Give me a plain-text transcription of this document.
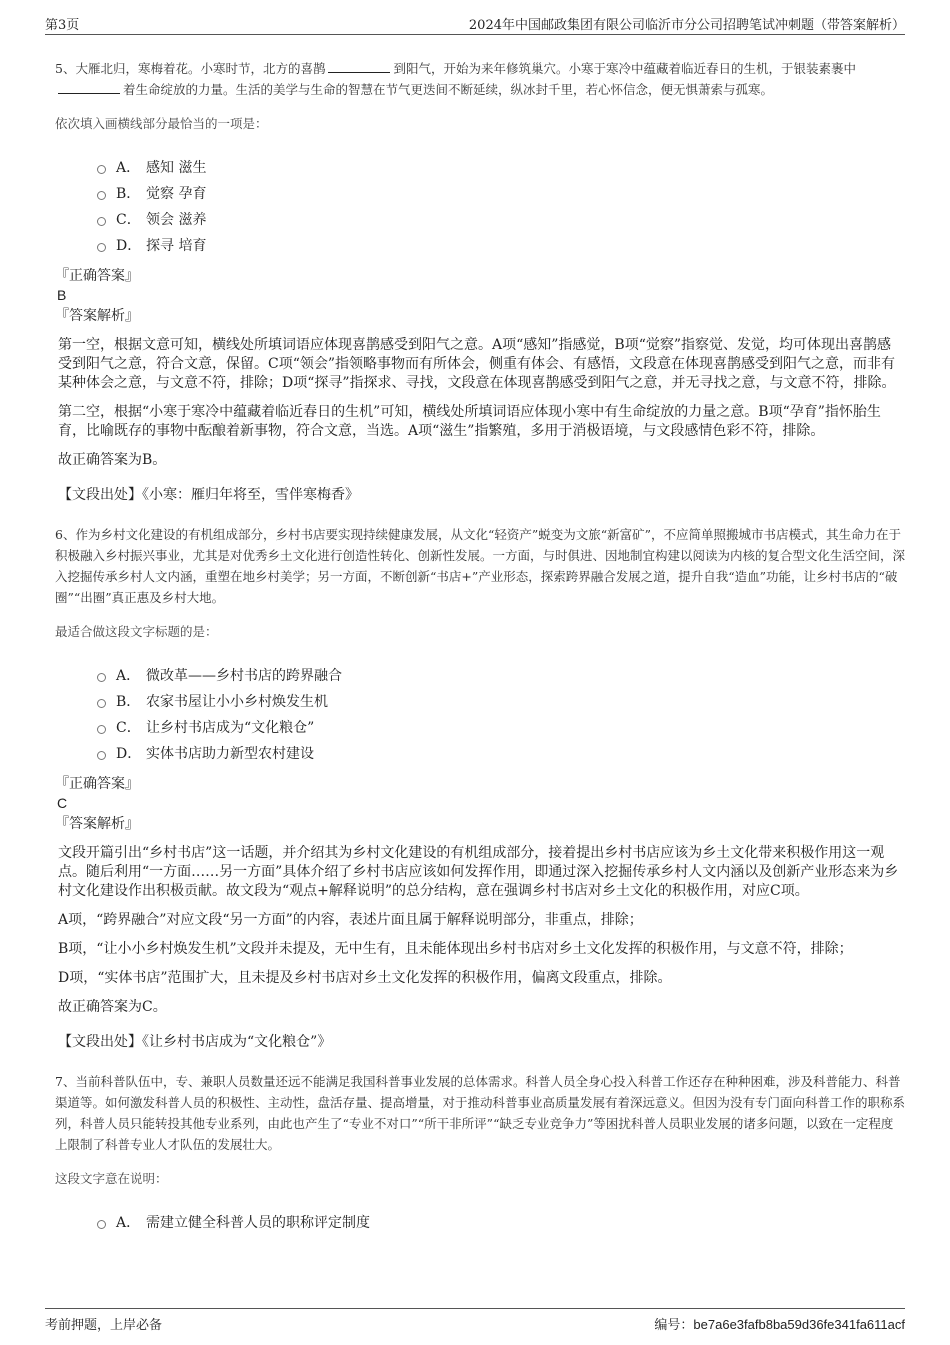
第3页	2024年中国邮政集团有限公司临沂市分公司招聘笔试冲刺题（带答案解析）

5、大雁北归，寒梅着花。小寒时节，北方的喜鹊	到阳气，开始为来年修筑巢穴。小寒于寒冷中蕴藏着临近春日的生机，于银装素裹中着生命绽放的力量。生活的美学与生命的智慧在节气更迭间不断延续，纵冰封千里，若心怀信念，便无惧萧索与孤寒。

依次填入画横线部分最恰当的一项是：

A． 感知 滋生
B． 觉察 孕育
C． 领会 滋养
D． 探寻 培育

『正确答案』

B

『答案解析』

第一空，根据文意可知，横线处所填词语应体现喜鹊感受到阳气之意。A项“感知”指感觉，B项“觉察”指察觉、发觉，均可体现出喜鹊感受到阳气之意，符合文意，保留。C项“领会”指领略事物而有所体会，侧重有体会、有感悟，文段意在体现喜鹊感受到阳气之意，而非有某种体会之意，与文意不符，排除；D项“探寻”指探求、寻找，文段意在体现喜鹊感受到阳气之意，并无寻找之意，与文意不符，排除。

第二空，根据“小寒于寒冷中蕴藏着临近春日的生机”可知，横线处所填词语应体现小寒中有生命绽放的力量之意。B项“孕育”指怀胎生育，比喻既存的事物中酝酿着新事物，符合文意，当选。A项“滋生”指繁殖，多用于消极语境，与文段感情色彩不符，排除。

故正确答案为B。

【文段出处】《小寒：雁归年将至，雪伴寒梅香》

6、作为乡村文化建设的有机组成部分，乡村书店要实现持续健康发展，从文化“轻资产”蜕变为文旅“新富矿”，不应简单照搬城市书店模式，其生命力在于积极融入乡村振兴事业，尤其是对优秀乡土文化进行创造性转化、创新性发展。一方面，与时俱进、因地制宜构建以阅读为内核的复合型文化生活空间，深入挖掘传承乡村人文内涵，重塑在地乡村美学；另一方面，不断创新“书店+”产业形态，探索跨界融合发展之道，提升自我“造血”功能，让乡村书店的“破圈”“出圈”真正惠及乡村大地。

最适合做这段文字标题的是：

A． 微改革——乡村书店的跨界融合
B． 农家书屋让小小乡村焕发生机
C． 让乡村书店成为“文化粮仓”
D． 实体书店助力新型农村建设

『正确答案』

C

『答案解析』

文段开篇引出“乡村书店”这一话题，并介绍其为乡村文化建设的有机组成部分，接着提出乡村书店应该为乡土文化带来积极作用这一观点。随后利用“一方面……另一方面”具体介绍了乡村书店应该如何发挥作用，即通过深入挖掘传承乡村人文内涵以及创新产业形态来为乡村文化建设作出积极贡献。故文段为“观点+解释说明”的总分结构，意在强调乡村书店对乡土文化的积极作用，对应C项。

A项，“跨界融合”对应文段“另一方面”的内容，表述片面且属于解释说明部分，非重点，排除；

B项，“让小小乡村焕发生机”文段并未提及，无中生有，且未能体现出乡村书店对乡土文化发挥的积极作用，与文意不符，排除；

D项，“实体书店”范围扩大，且未提及乡村书店对乡土文化发挥的积极作用，偏离文段重点，排除。

故正确答案为C。

【文段出处】《让乡村书店成为“文化粮仓”》

7、当前科普队伍中，专、兼职人员数量还远不能满足我国科普事业发展的总体需求。科普人员全身心投入科普工作还存在种种困难，涉及科普能力、科普渠道等。如何激发科普人员的积极性、主动性，盘活存量、提高增量，对于推动科普事业高质量发展有着深远意义。但因为没有专门面向科普工作的职称系列，科普人员只能转投其他专业系列，由此也产生了“专业不对口”“所干非所评”“缺乏专业竞争力”等困扰科普人员职业发展的诸多问题，以致在一定程度上限制了科普专业人才队伍的发展壮大。

这段文字意在说明：

A． 需建立健全科普人员的职称评定制度
考前押题，上岸必备	编号：be7a6e3fafb8ba59d36fe341fa611acf
